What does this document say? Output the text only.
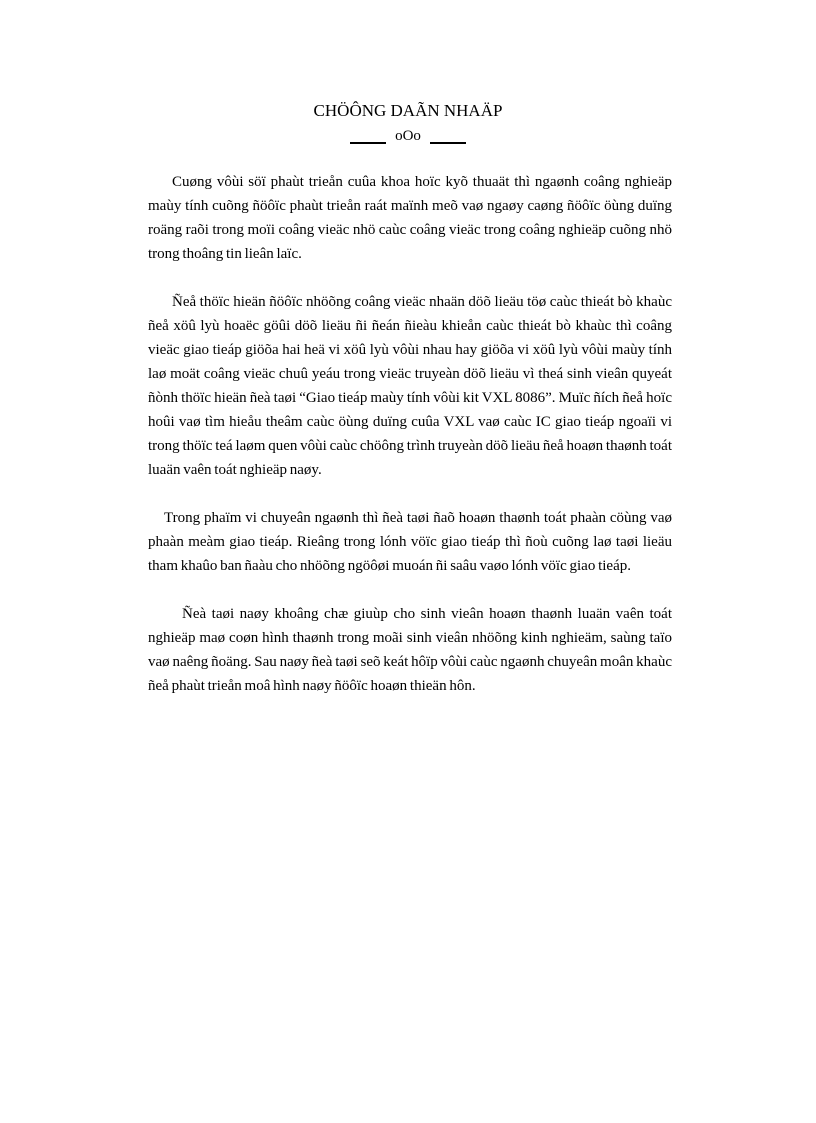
CHÖÔNG DAÃN NHAÄP
oOo

Cuøng vôùi söï phaùt trieån cuûa khoa hoïc kyõ thuaät thì ngaønh coâng nghieäp maùy tính cuõng ñöôïc phaùt trieån raát maïnh meõ vaø ngaøy caøng ñöôïc öùng duïng roäng raõi trong moïi coâng vieäc nhö caùc coâng vieäc trong coâng nghieäp cuõng nhö trong thoâng tin lieân laïc.

Ñeå thöïc hieän ñöôïc nhöõng coâng vieäc nhaän döõ lieäu töø caùc thieát bò khaùc ñeå xöû lyù hoaëc göûi döõ lieäu ñi ñeán ñieàu khieån caùc thieát bò khaùc thì coâng vieäc giao tieáp giöõa hai heä vi xöû lyù vôùi nhau hay giöõa vi xöû lyù vôùi maùy tính laø moät coâng vieäc chuû yeáu trong vieäc truyeàn döõ lieäu vì theá sinh vieân quyeát ñònh thöïc hieän ñeà taøi “Giao tieáp maùy tính vôùi kit VXL 8086”. Muïc ñích ñeå hoïc hoûi vaø tìm hieåu theâm caùc öùng duïng cuûa VXL vaø caùc IC giao tieáp ngoaïi vi trong thöïc teá laøm quen vôùi caùc chöông trình truyeàn döõ lieäu ñeå hoaøn thaønh toát luaän vaên toát nghieäp naøy.

Trong phaïm vi chuyeân ngaønh thì ñeà taøi ñaõ hoaøn thaønh toát phaàn cöùng vaø phaàn meàm giao tieáp. Rieâng trong lónh vöïc giao tieáp thì ñoù cuõng laø taøi lieäu tham khaûo ban ñaàu cho nhöõng ngöôøi muoán ñi saâu vaøo lónh vöïc giao tieáp.

Ñeà taøi naøy khoâng chæ giuùp cho sinh vieân hoaøn thaønh luaän vaên toát nghieäp maø coøn hình thaønh trong moãi sinh vieân nhöõng kinh nghieäm, saùng taïo vaø naêng ñoäng. Sau naøy ñeà taøi seõ keát hôïp vôùi caùc ngaønh chuyeân moân khaùc ñeå phaùt trieån moâ hình naøy ñöôïc hoaøn thieän hôn.
